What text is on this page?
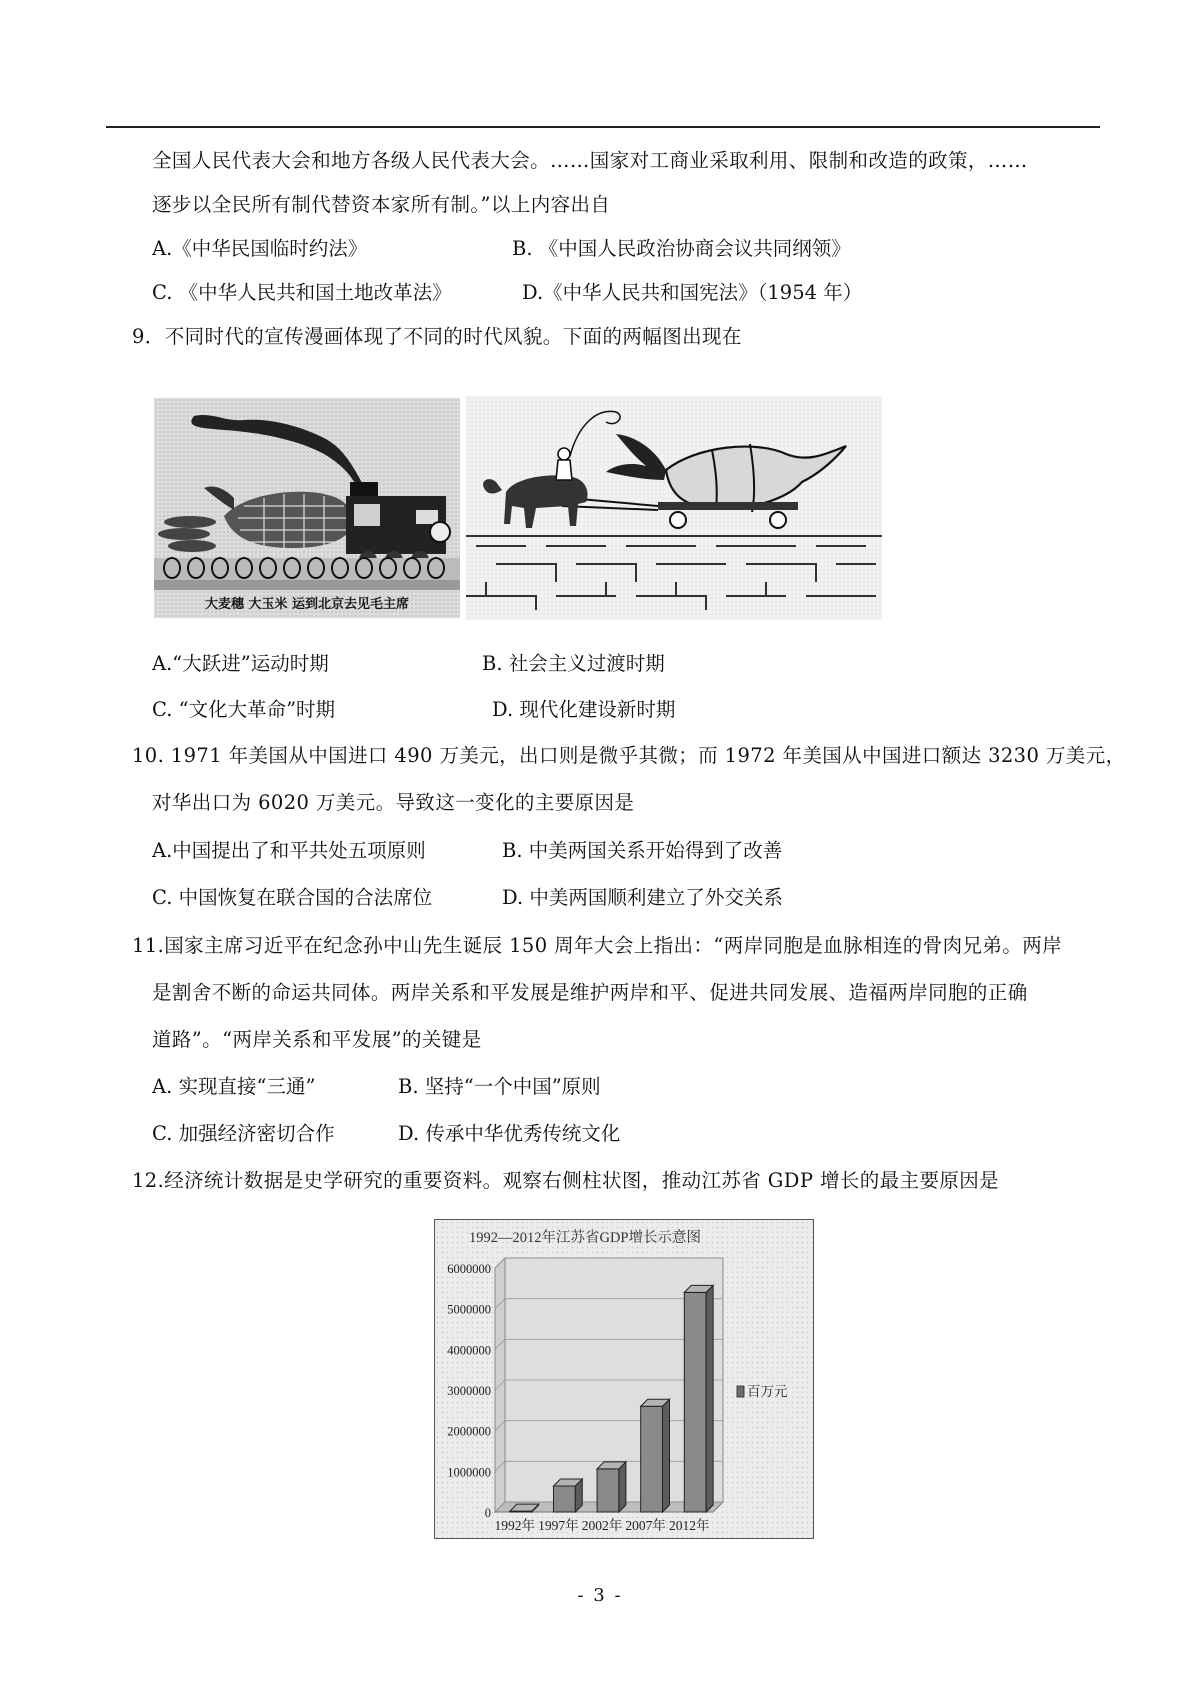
全国人民代表大会和地方各级人民代表大会。……国家对工商业采取利用、限制和改造的政策，……
逐步以全民所有制代替资本家所有制。”以上内容出自
A.《中华民国临时约法》	B. 《中国人民政治协商会议共同纲领》
C. 《中华人民共和国土地改革法》	D.《中华人民共和国宪法》（1954 年）
9．不同时代的宣传漫画体现了不同的时代风貌。下面的两幅图出现在
大麦穗 大玉米 运到北京去见毛主席
A.“大跃进”运动时期	B. 社会主义过渡时期
C. “文化大革命”时期	D. 现代化建设新时期
10. 1971 年美国从中国进口 490 万美元，出口则是微乎其微；而 1972 年美国从中国进口额达 3230 万美元，
对华出口为 6020 万美元。导致这一变化的主要原因是
A.中国提出了和平共处五项原则	B. 中美两国关系开始得到了改善
C. 中国恢复在联合国的合法席位	D. 中美两国顺利建立了外交关系
11.国家主席习近平在纪念孙中山先生诞辰 150 周年大会上指出：“两岸同胞是血脉相连的骨肉兄弟。两岸
是割舍不断的命运共同体。两岸关系和平发展是维护两岸和平、促进共同发展、造福两岸同胞的正确
道路”。“两岸关系和平发展”的关键是
A. 实现直接“三通”	B. 坚持“一个中国”原则
C. 加强经济密切合作	D. 传承中华优秀传统文化
12.经济统计数据是史学研究的重要资料。观察右侧柱状图，推动江苏省 GDP 增长的最主要原因是
1992—2012年江苏省GDP增长示意图
0
1000000
2000000
3000000
4000000
5000000
6000000
1992年 1997年 2002年 2007年 2012年
百万元
- 3 -
